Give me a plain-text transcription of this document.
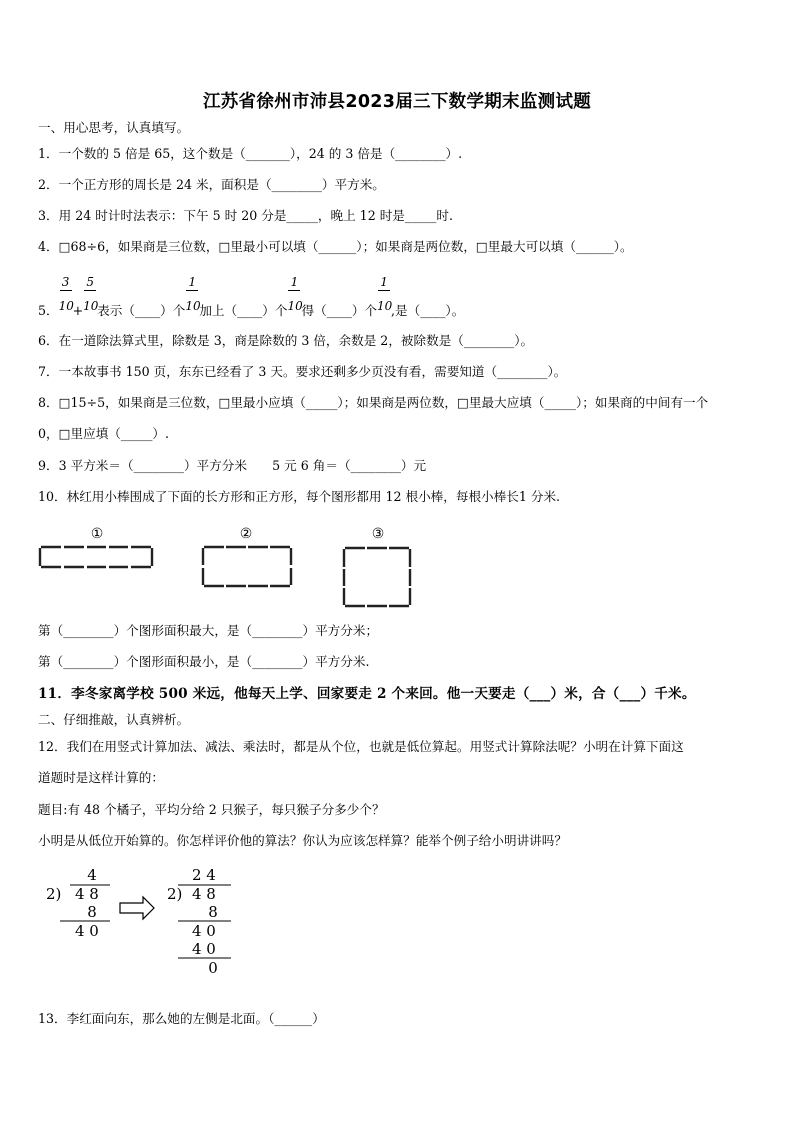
江苏省徐州市沛县2023届三下数学期末监测试题
一、用心思考，认真填写。
1．一个数的 5 倍是 65，这个数是（_______），24 的 3 倍是（________）.
2．一个正方形的周长是 24 米，面积是（________）平方米。
3．用 24 时计时法表示：下午 5 时 20 分是_____，晚上 12 时是_____时.
4．□68÷6，如果商是三位数，□里最小可以填（______）；如果商是两位数，□里最大可以填（______）。
5． $\frac{3}{10} + \frac{5}{10}$ 表示（____）个 $\frac{1}{10}$ 加上（____）个 $\frac{1}{10}$ 得（____）个 $\frac{1}{10}$ ,是（____）。
6．在一道除法算式里，除数是 3，商是除数的 3 倍，余数是 2，被除数是（________）。
7．一本故事书 150 页，东东已经看了 3 天。要求还剩多少页没有看，需要知道（________）。
8．□15÷5，如果商是三位数，□里最小应填（_____）；如果商是两位数，□里最大应填（_____）；如果商的中间有一个
0，□里应填（_____）.
9．3 平方米＝（________）平方分米　　5 元 6 角＝（________）元
10．林红用小棒围成了下面的长方形和正方形，每个图形都用 12 根小棒，每根小棒长1 分米.
①	②	③
第（________）个图形面积最大，是（________）平方分米；
第（________）个图形面积最小，是（________）平方分米.
11．李冬家离学校 500 米远，他每天上学、回家要走 2 个来回。他一天要走（___）米，合（___）千米。
二、仔细推敲，认真辨析。
12．我们在用竖式计算加法、减法、乘法时，都是从个位，也就是低位算起。用竖式计算除法呢？小明在计算下面这
道题时是这样计算的：
题目:有 48 个橘子，平均分给 2 只猴子，每只猴子分多少个？
小明是从低位开始算的。你怎样评价他的算法？你认为应该怎样算？能举个例子给小明讲讲吗？
4
2) 4 8
8
4 0
2 4
2) 4 8
8
4 0
4 0
0
13．李红面向东，那么她的左侧是北面。（______）
